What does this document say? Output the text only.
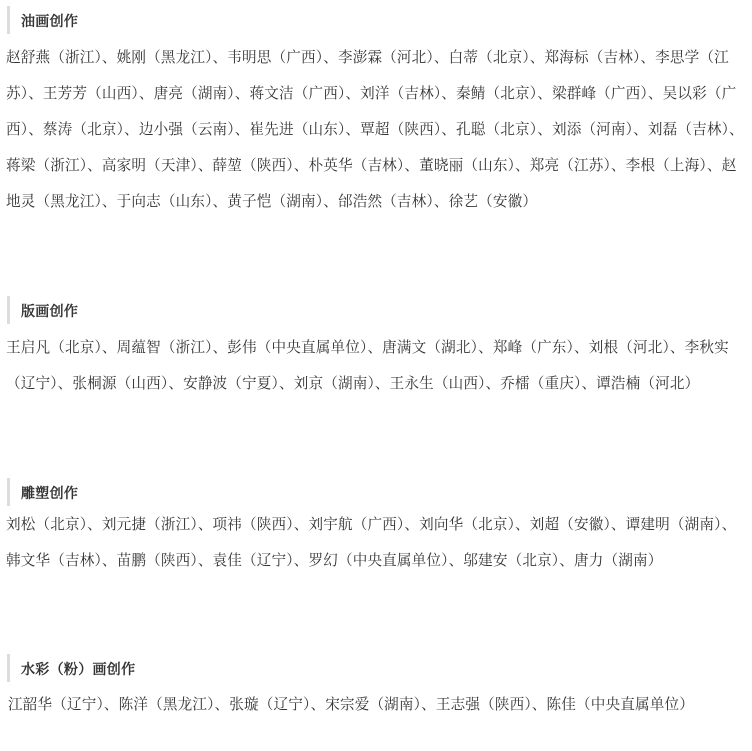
油画创作

赵舒燕（浙江）、姚刚（黑龙江）、韦明思（广西）、李澎霖（河北）、白蒂（北京）、郑海标（吉林）、李思学（江苏）、王芳芳（山西）、唐亮（湖南）、蒋文洁（广西）、刘洋（吉林）、秦鲭（北京）、梁群峰（广西）、吴以彩（广西）、蔡涛（北京）、边小强（云南）、崔先进（山东）、覃超（陕西）、孔聪（北京）、刘添（河南）、刘磊（吉林）、蒋梁（浙江）、高家明（天津）、薛堃（陕西）、朴英华（吉林）、董晓丽（山东）、郑亮（江苏）、李根（上海）、赵地灵（黑龙江）、于向志（山东）、黄子恺（湖南）、邰浩然（吉林）、徐艺（安徽）

版画创作

王启凡（北京）、周蕴智（浙江）、彭伟（中央直属单位）、唐满文（湖北）、郑峰（广东）、刘根（河北）、李秋实（辽宁）、张桐源（山西）、安静波（宁夏）、刘京（湖南）、王永生（山西）、乔檑（重庆）、谭浩楠（河北）

雕塑创作

刘松（北京）、刘元捷（浙江）、项祎（陕西）、刘宇航（广西）、刘向华（北京）、刘超（安徽）、谭建明（湖南）、韩文华（吉林）、苗鹏（陕西）、袁佳（辽宁）、罗幻（中央直属单位）、邬建安（北京）、唐力（湖南）

水彩（粉）画创作

江韶华（辽宁）、陈洋（黑龙江）、张璇（辽宁）、宋宗爱（湖南）、王志强（陕西）、陈佳（中央直属单位）
